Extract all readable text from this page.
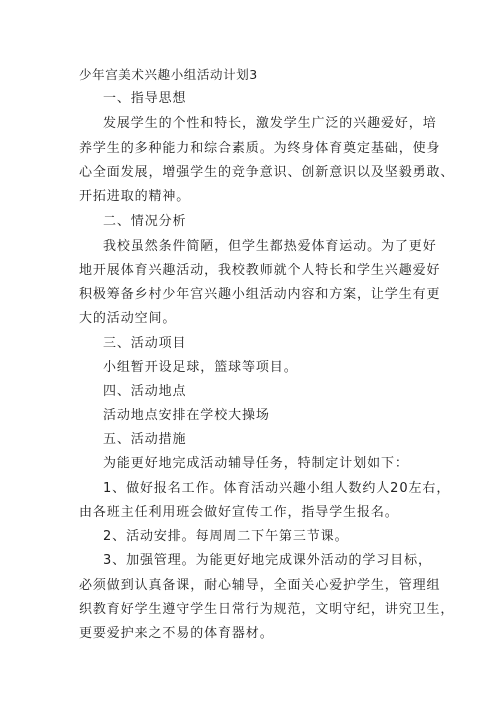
少年宫美术兴趣小组活动计划3
一、指导思想
发展学生的个性和特长，激发学生广泛的兴趣爱好，培
养学生的多种能力和综合素质。为终身体育奠定基础，使身
心全面发展，增强学生的竞争意识、创新意识以及坚毅勇敢、
开拓进取的精神。
二、情况分析
我校虽然条件简陋，但学生都热爱体育运动。为了更好
地开展体育兴趣活动，我校教师就个人特长和学生兴趣爱好
积极筹备乡村少年宫兴趣小组活动内容和方案，让学生有更
大的活动空间。
三、活动项目
小组暂开设足球，篮球等项目。
四、活动地点
活动地点安排在学校大操场
五、活动措施
为能更好地完成活动辅导任务，特制定计划如下：
1、做好报名工作。体育活动兴趣小组人数约人20左右，
由各班主任利用班会做好宣传工作，指导学生报名。
2、活动安排。每周周二下午第三节课。
3、加强管理。为能更好地完成课外活动的学习目标，
必须做到认真备课，耐心辅导，全面关心爱护学生，管理组
织教育好学生遵守学生日常行为规范，文明守纪，讲究卫生，
更要爱护来之不易的体育器材。
